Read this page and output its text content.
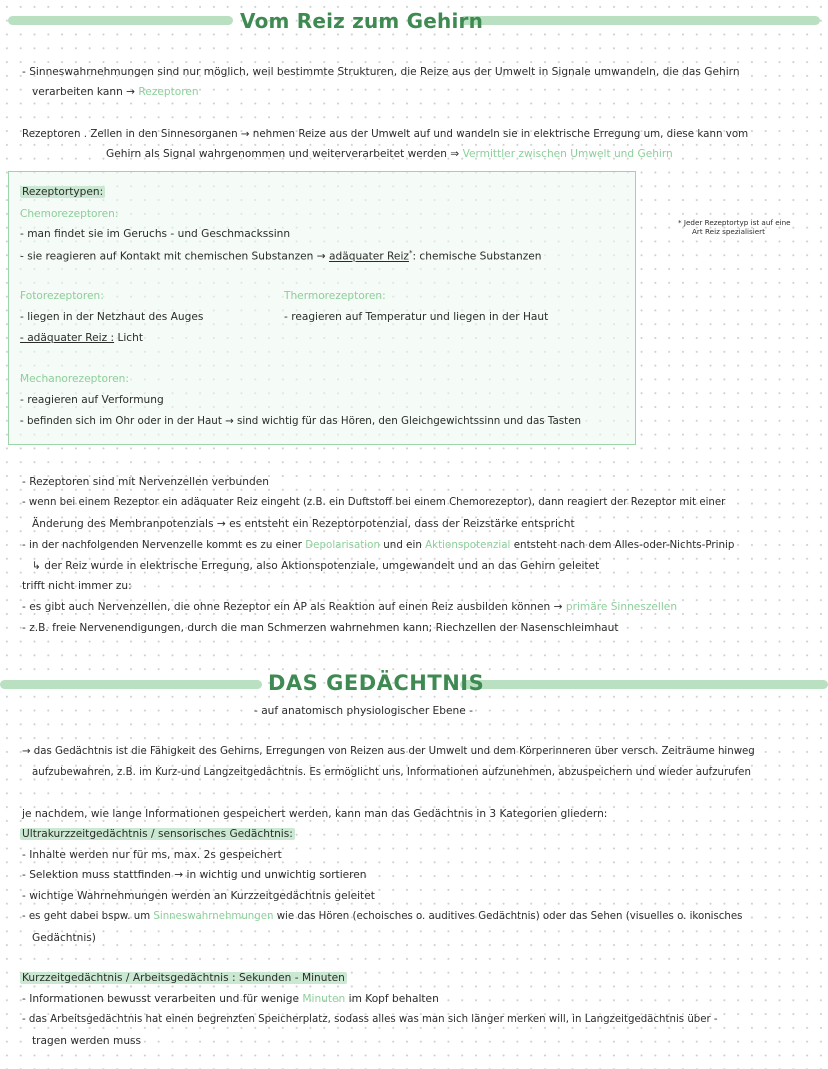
Vom Reiz zum Gehirn
- Sinneswahrnehmungen sind nur möglich, weil bestimmte Strukturen, die Reize aus der Umwelt in Signale umwandeln, die das Gehirn
verarbeiten kann → Rezeptoren
Rezeptoren . Zellen in den Sinnesorganen → nehmen Reize aus der Umwelt auf und wandeln sie in elektrische Erregung um, diese kann vom
Gehirn als Signal wahrgenommen und weiterverarbeitet werden ⇒ Vermittler zwischen Umwelt und Gehirn
* Jeder Rezeptortyp ist auf eine
Art Reiz spezialisiert
Rezeptortypen:
Chemorezeptoren:
- man findet sie im Geruchs - und Geschmackssinn
- sie reagieren auf Kontakt mit chemischen Substanzen → adäquater Reiz*: chemische Substanzen
Fotorezeptoren:
- liegen in der Netzhaut des Auges
- adäquater Reiz : Licht
Thermorezeptoren:
- reagieren auf Temperatur und liegen in der Haut
Mechanorezeptoren:
- reagieren auf Verformung
- befinden sich im Ohr oder in der Haut → sind wichtig für das Hören, den Gleichgewichtssinn und das Tasten
- Rezeptoren sind mit Nervenzellen verbunden
- wenn bei einem Rezeptor ein adäquater Reiz eingeht (z.B. ein Duftstoff bei einem Chemorezeptor), dann reagiert der Rezeptor mit einer
Änderung des Membranpotenzials → es entsteht ein Rezeptorpotenzial, dass der Reizstärke entspricht
- in der nachfolgenden Nervenzelle kommt es zu einer Depolarisation und ein Aktionspotenzial entsteht nach dem Alles-oder-Nichts-Prinip
↳ der Reiz wurde in elektrische Erregung, also Aktionspotenziale, umgewandelt und an das Gehirn geleitet
trifft nicht immer zu:
- es gibt auch Nervenzellen, die ohne Rezeptor ein AP als Reaktion auf einen Reiz ausbilden können → primäre Sinneszellen
- z.B. freie Nervenendigungen, durch die man Schmerzen wahrnehmen kann; Riechzellen der Nasenschleimhaut
DAS GEDÄCHTNIS
- auf anatomisch physiologischer Ebene -
→ das Gedächtnis ist die Fähigkeit des Gehirns, Erregungen von Reizen aus der Umwelt und dem Körperinneren über versch. Zeiträume hinweg
aufzubewahren, z.B. im Kurz-und Langzeitgedächtnis. Es ermöglicht uns, Informationen aufzunehmen, abzuspeichern und wieder aufzurufen
je nachdem, wie lange Informationen gespeichert werden, kann man das Gedächtnis in 3 Kategorien gliedern:
Ultrakurzzeitgedächtnis / sensorisches Gedächtnis:
- Inhalte werden nur für ms, max. 2s gespeichert
- Selektion muss stattfinden → in wichtig und unwichtig sortieren
- wichtige Wahrnehmungen werden an Kurzzeitgedächtnis geleitet
- es geht dabei bspw. um Sinneswahrnehmungen wie das Hören (echoisches o. auditives Gedächtnis) oder das Sehen (visuelles o. ikonisches
Gedächtnis)
Kurzzeitgedächtnis / Arbeitsgedächtnis : Sekunden - Minuten
- Informationen bewusst verarbeiten und für wenige Minuten im Kopf behalten
- das Arbeitsgedächtnis hat einen begrenzten Speicherplatz, sodass alles was man sich länger merken will, in Langzeitgedächtnis über -
tragen werden muss
